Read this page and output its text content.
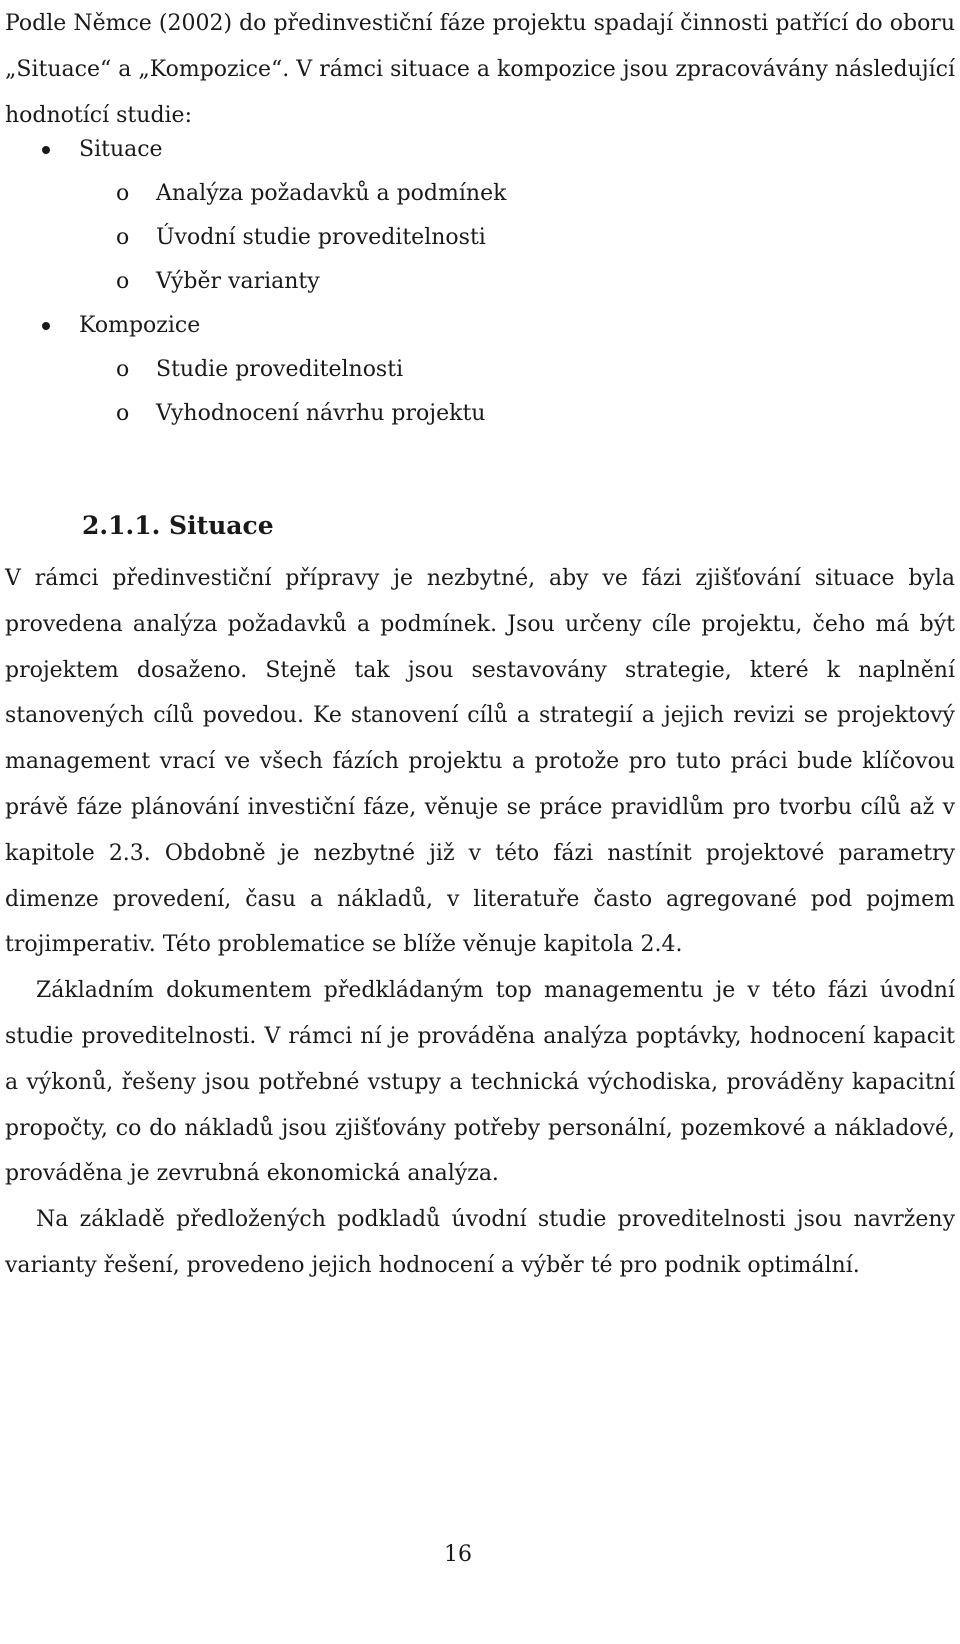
Podle Němce (2002) do předinvestiční fáze projektu spadají činnosti patřící do oboru „Situace“ a „Kompozice“. V rámci situace a kompozice jsou zpracovávány následující hodnotící studie:

Situace
o Analýza požadavků a podmínek
o Úvodní studie proveditelnosti
o Výběr varianty
Kompozice
o Studie proveditelnosti
o Vyhodnocení návrhu projektu
2.1.1. Situace

V rámci předinvestiční přípravy je nezbytné, aby ve fázi zjišťování situace byla provedena analýza požadavků a podmínek. Jsou určeny cíle projektu, čeho má být projektem dosaženo. Stejně tak jsou sestavovány strategie, které k naplnění stanovených cílů povedou. Ke stanovení cílů a strategií a jejich revizi se projektový management vrací ve všech fázích projektu a protože pro tuto práci bude klíčovou právě fáze plánování investiční fáze, věnuje se práce pravidlům pro tvorbu cílů až v kapitole 2.3. Obdobně je nezbytné již v této fázi nastínit projektové parametry dimenze provedení, času a nákladů, v literatuře často agregované pod pojmem trojimperativ. Této problematice se blíže věnuje kapitola 2.4.

Základním dokumentem předkládaným top managementu je v této fázi úvodní studie proveditelnosti. V rámci ní je prováděna analýza poptávky, hodnocení kapacit a výkonů, řešeny jsou potřebné vstupy a technická východiska, prováděny kapacitní propočty, co do nákladů jsou zjišťovány potřeby personální, pozemkové a nákladové, prováděna je zevrubná ekonomická analýza.

Na základě předložených podkladů úvodní studie proveditelnosti jsou navrženy varianty řešení, provedeno jejich hodnocení a výběr té pro podnik optimální.

16
